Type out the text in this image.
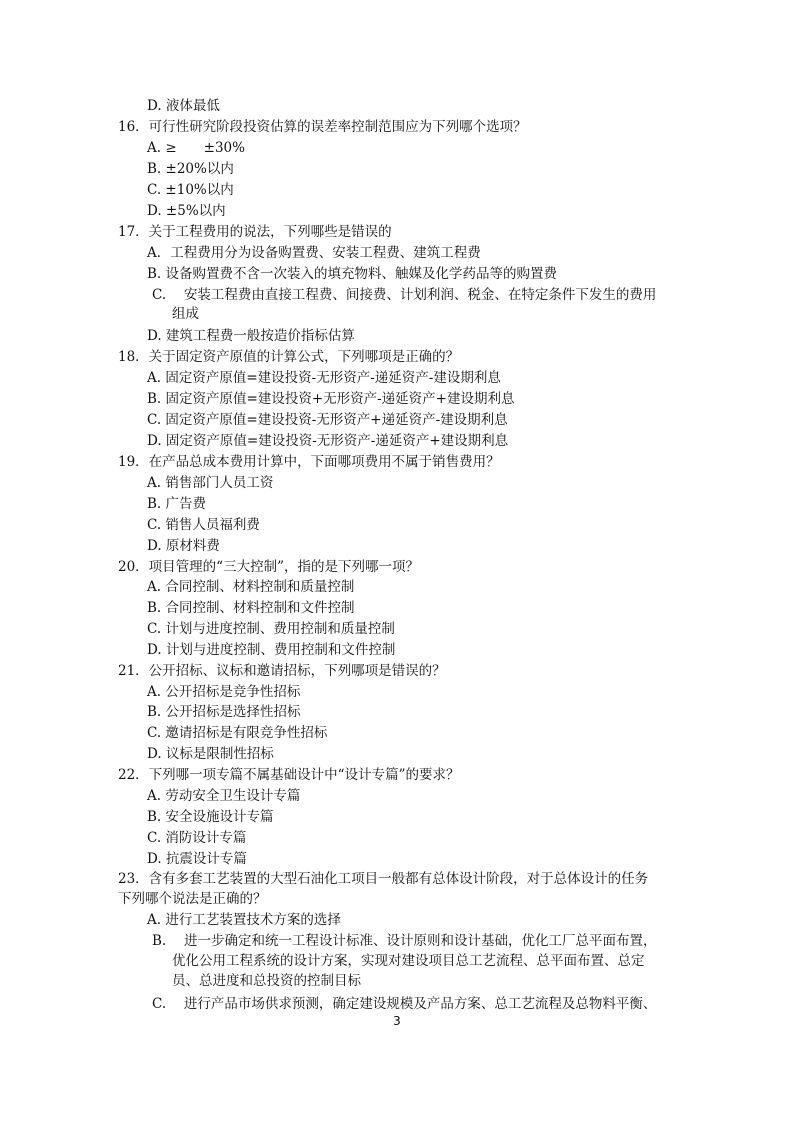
D. 液体最低
16．可行性研究阶段投资估算的误差率控制范围应为下列哪个选项？
A. ≥　　±30%
B. ±20%以内
C. ±10%以内
D. ±5%以内
17．关于工程费用的说法，下列哪些是错误的
A．工程费用分为设备购置费、安装工程费、建筑工程费
B. 设备购置费不含一次装入的填充物料、触媒及化学药品等的购置费
C.　 安装工程费由直接工程费、间接费、计划利润、税金、在特定条件下发生的费用
组成
D. 建筑工程费一般按造价指标估算
18．关于固定资产原值的计算公式，下列哪项是正确的？
A. 固定资产原值=建设投资-无形资产-递延资产-建设期利息
B. 固定资产原值=建设投资+无形资产-递延资产+建设期利息
C. 固定资产原值=建设投资-无形资产+递延资产-建设期利息
D. 固定资产原值=建设投资-无形资产-递延资产+建设期利息
19．在产品总成本费用计算中，下面哪项费用不属于销售费用？
A. 销售部门人员工资
B. 广告费
C. 销售人员福利费
D. 原材料费
20．项目管理的“三大控制”，指的是下列哪一项？
A. 合同控制、材料控制和质量控制
B. 合同控制、材料控制和文件控制
C. 计划与进度控制、费用控制和质量控制
D. 计划与进度控制、费用控制和文件控制
21．公开招标、议标和邀请招标，下列哪项是错误的？
A. 公开招标是竞争性招标
B. 公开招标是选择性招标
C. 邀请招标是有限竞争性招标
D. 议标是限制性招标
22．下列哪一项专篇不属基础设计中“设计专篇”的要求？
A. 劳动安全卫生设计专篇
B. 安全设施设计专篇
C. 消防设计专篇
D. 抗震设计专篇
23．含有多套工艺装置的大型石油化工项目一般都有总体设计阶段，对于总体设计的任务
下列哪个说法是正确的？
A. 进行工艺装置技术方案的选择
B.　 进一步确定和统一工程设计标准、设计原则和设计基础，优化工厂总平面布置，
优化公用工程系统的设计方案，实现对建设项目总工艺流程、总平面布置、总定
员、总进度和总投资的控制目标
C.　 进行产品市场供求预测，确定建设规模及产品方案、总工艺流程及总物料平衡、
3
